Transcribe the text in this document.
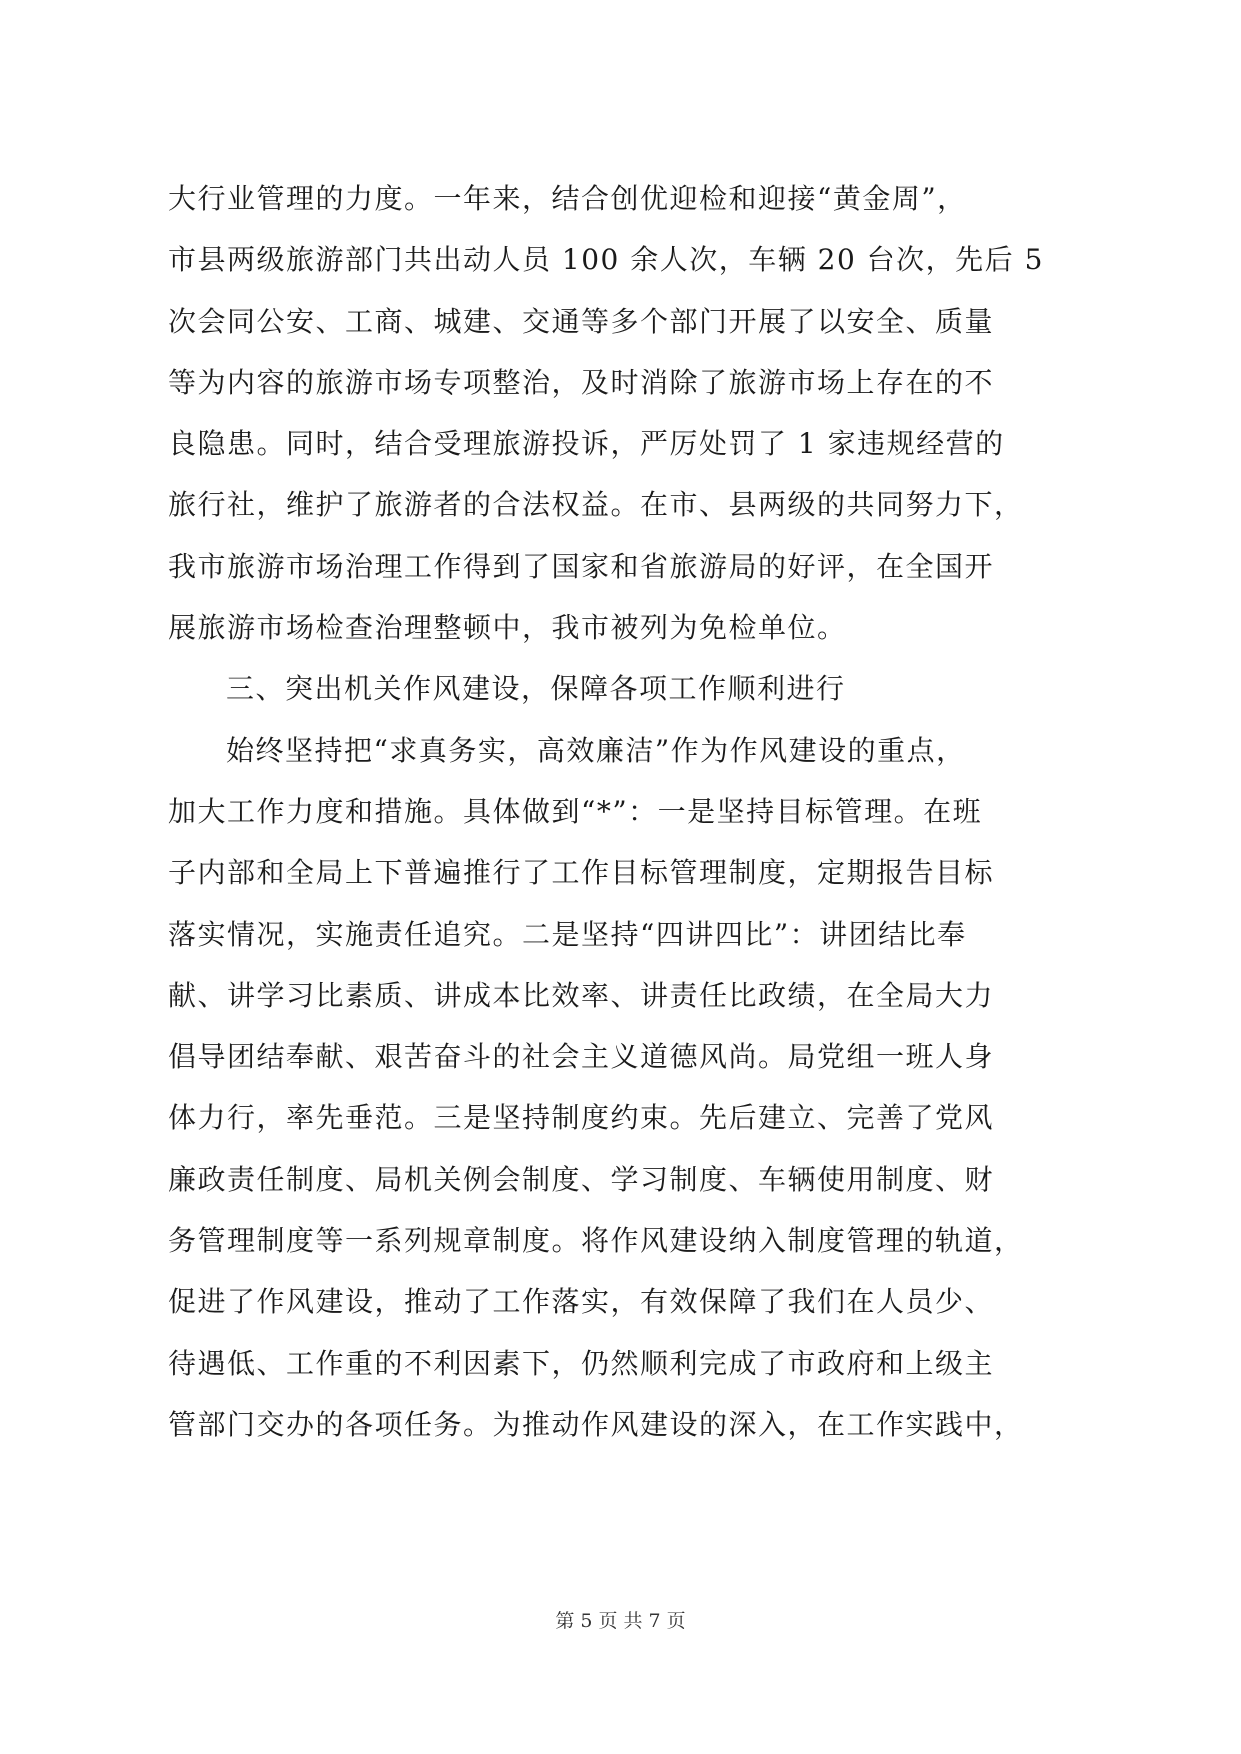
大行业管理的力度。一年来，结合创优迎检和迎接“黄金周”，
市县两级旅游部门共出动人员 100 余人次，车辆 20 台次，先后 5
次会同公安、工商、城建、交通等多个部门开展了以安全、质量
等为内容的旅游市场专项整治，及时消除了旅游市场上存在的不
良隐患。同时，结合受理旅游投诉，严厉处罚了 1 家违规经营的
旅行社，维护了旅游者的合法权益。在市、县两级的共同努力下，
我市旅游市场治理工作得到了国家和省旅游局的好评，在全国开
展旅游市场检查治理整顿中，我市被列为免检单位。
三、突出机关作风建设，保障各项工作顺利进行
始终坚持把“求真务实，高效廉洁”作为作风建设的重点，
加大工作力度和措施。具体做到“*”：一是坚持目标管理。在班
子内部和全局上下普遍推行了工作目标管理制度，定期报告目标
落实情况，实施责任追究。二是坚持“四讲四比”：讲团结比奉
献、讲学习比素质、讲成本比效率、讲责任比政绩，在全局大力
倡导团结奉献、艰苦奋斗的社会主义道德风尚。局党组一班人身
体力行，率先垂范。三是坚持制度约束。先后建立、完善了党风
廉政责任制度、局机关例会制度、学习制度、车辆使用制度、财
务管理制度等一系列规章制度。将作风建设纳入制度管理的轨道，
促进了作风建设，推动了工作落实，有效保障了我们在人员少、
待遇低、工作重的不利因素下，仍然顺利完成了市政府和上级主
管部门交办的各项任务。为推动作风建设的深入，在工作实践中，
第 5 页 共 7 页
